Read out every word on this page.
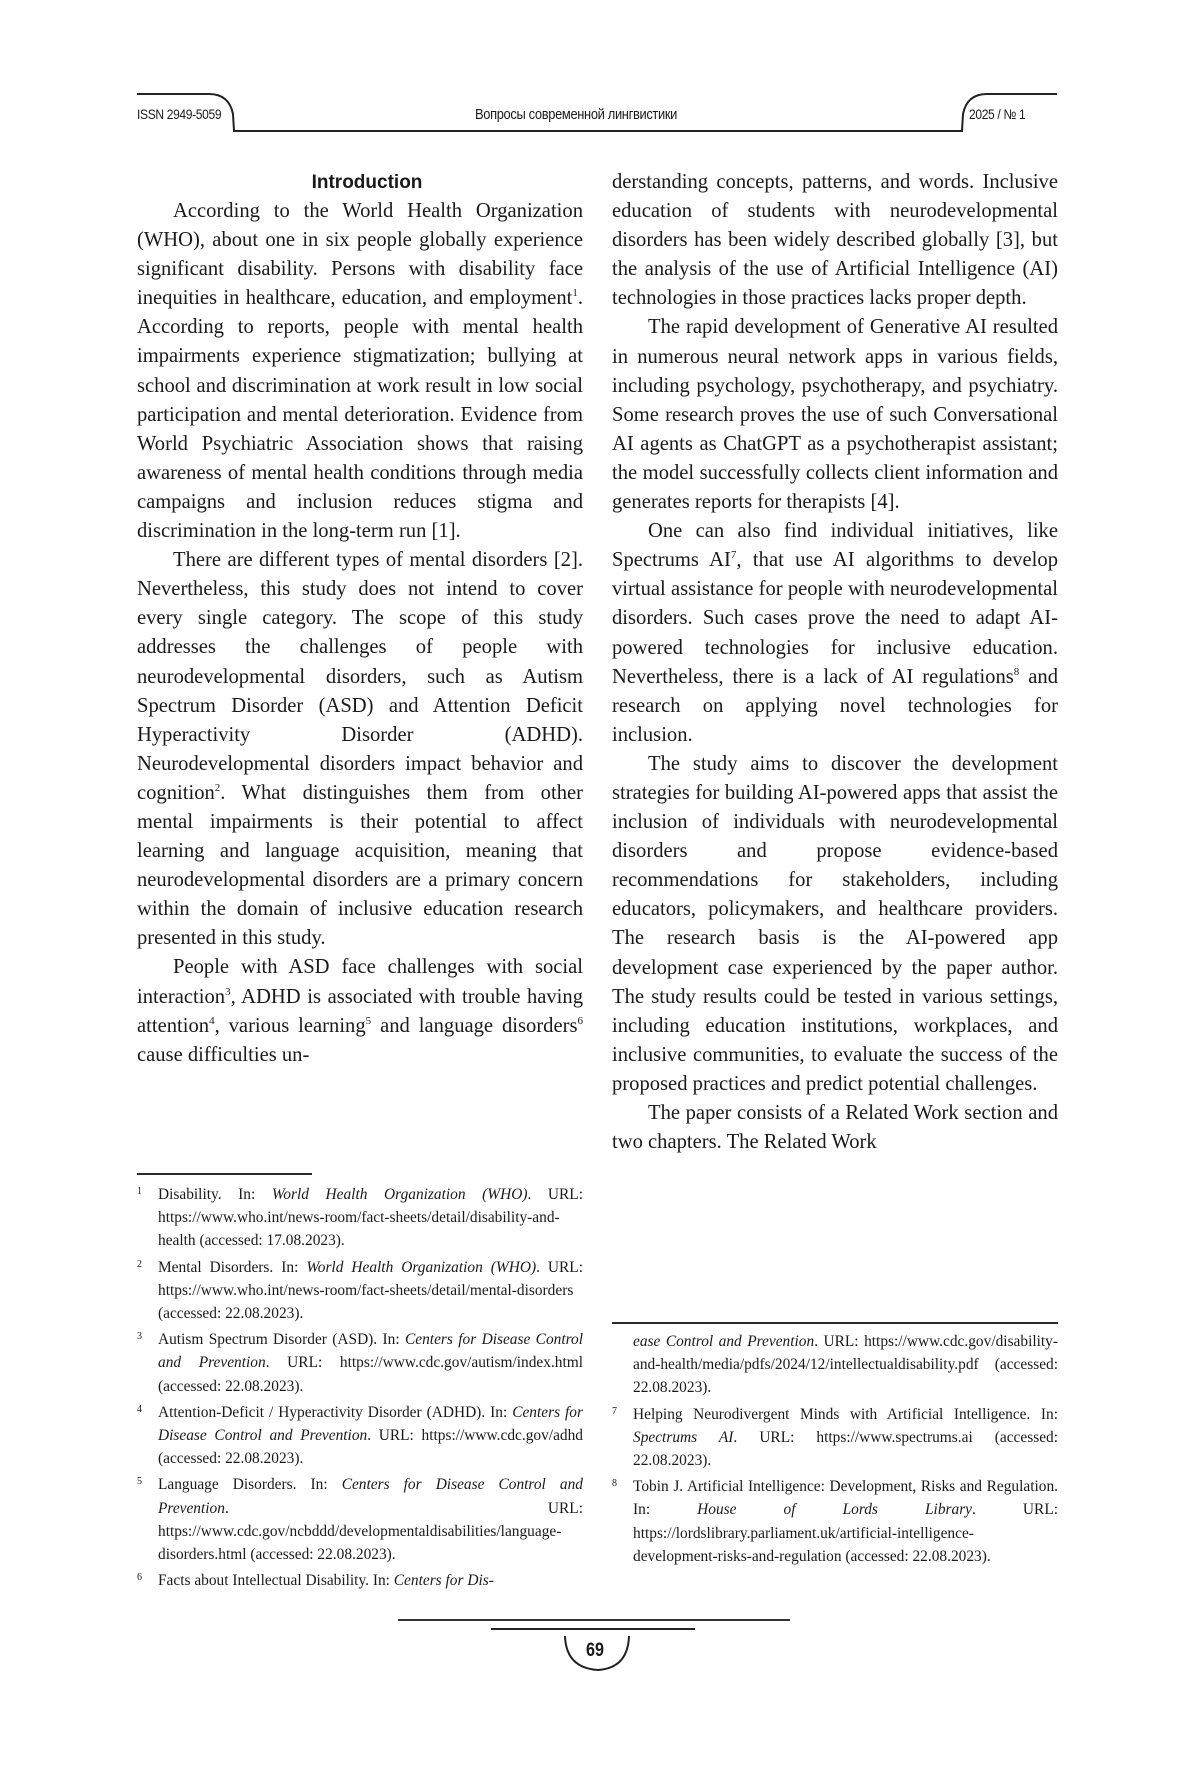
ISSN 2949-5059	Вопросы современной лингвистики	2025 / № 1
Introduction

According to the World Health Organization (WHO), about one in six people globally experience significant disability. Persons with disability face inequities in healthcare, education, and employment$^1$. According to reports, people with mental health impairments experience stigmatization; bullying at school and discrimination at work result in low social participation and mental deterioration. Evidence from World Psychiatric Association shows that raising awareness of mental health conditions through media campaigns and inclusion reduces stigma and discrimination in the long-term run [1].

There are different types of mental disorders [2]. Nevertheless, this study does not intend to cover every single category. The scope of this study addresses the challenges of people with neurodevelopmental disorders, such as Autism Spectrum Disorder (ASD) and Attention Deficit Hyperactivity Disorder (ADHD). Neurodevelopmental disorders impact behavior and cognition$^2$. What distinguishes them from other mental impairments is their potential to affect learning and language acquisition, meaning that neurodevelopmental disorders are a primary concern within the domain of inclusive education research presented in this study.

People with ASD face challenges with social interaction$^3$, ADHD is associated with trouble having attention$^4$, various learning$^5$ and language disorders$^6$ cause difficulties un-

derstanding concepts, patterns, and words. Inclusive education of students with neurodevelopmental disorders has been widely described globally [3], but the analysis of the use of Artificial Intelligence (AI) technologies in those practices lacks proper depth.

The rapid development of Generative AI resulted in numerous neural network apps in various fields, including psychology, psychotherapy, and psychiatry. Some research proves the use of such Conversational AI agents as ChatGPT as a psychotherapist assistant; the model successfully collects client information and generates reports for therapists [4].

One can also find individual initiatives, like Spectrums $AI^7$, that use AI algorithms to develop virtual assistance for people with neurodevelopmental disorders. Such cases prove the need to adapt AI-powered technologies for inclusive education. Nevertheless, there is a lack of AI regulations$^8$ and research on applying novel technologies for inclusion.

The study aims to discover the development strategies for building AI-powered apps that assist the inclusion of individuals with neurodevelopmental disorders and propose evidence-based recommendations for stakeholders, including educators, policymakers, and healthcare providers. The research basis is the AI-powered app development case experienced by the paper author. The study results could be tested in various settings, including education institutions, workplaces, and inclusive communities, to evaluate the success of the proposed practices and predict potential challenges.

The paper consists of a Related Work section and two chapters. The Related Work

1 Disability. In: World Health Organization (WHO). URL: https://www.who.int/news-room/fact-sheets/detail/disability-and-health (accessed: 17.08.2023).
2 Mental Disorders. In: World Health Organization (WHO). URL: https://www.who.int/news-room/fact-sheets/detail/mental-disorders (accessed: 22.08.2023).
3 Autism Spectrum Disorder (ASD). In: Centers for Disease Control and Prevention. URL: https://www.cdc.gov/autism/index.html (accessed: 22.08.2023).
4 Attention-Deficit / Hyperactivity Disorder (ADHD). In: Centers for Disease Control and Prevention. URL: https://www.cdc.gov/adhd (accessed: 22.08.2023).
5 Language Disorders. In: Centers for Disease Control and Prevention. URL: https://www.cdc.gov/ncbddd/developmentaldisabilities/language-disorders.html (accessed: 22.08.2023).
6 Facts about Intellectual Disability. In: Centers for Dis-
ease Control and Prevention. URL: https://www.cdc.gov/disability-and-health/media/pdfs/2024/12/intellectualdisability.pdf (accessed: 22.08.2023).
7 Helping Neurodivergent Minds with Artificial Intelligence. In: Spectrums AI. URL: https://www.spectrums.ai (accessed: 22.08.2023).
8 Tobin J. Artificial Intelligence: Development, Risks and Regulation. In: House of Lords Library. URL: https://lordslibrary.parliament.uk/artificial-intelligence-development-risks-and-regulation (accessed: 22.08.2023).
69
